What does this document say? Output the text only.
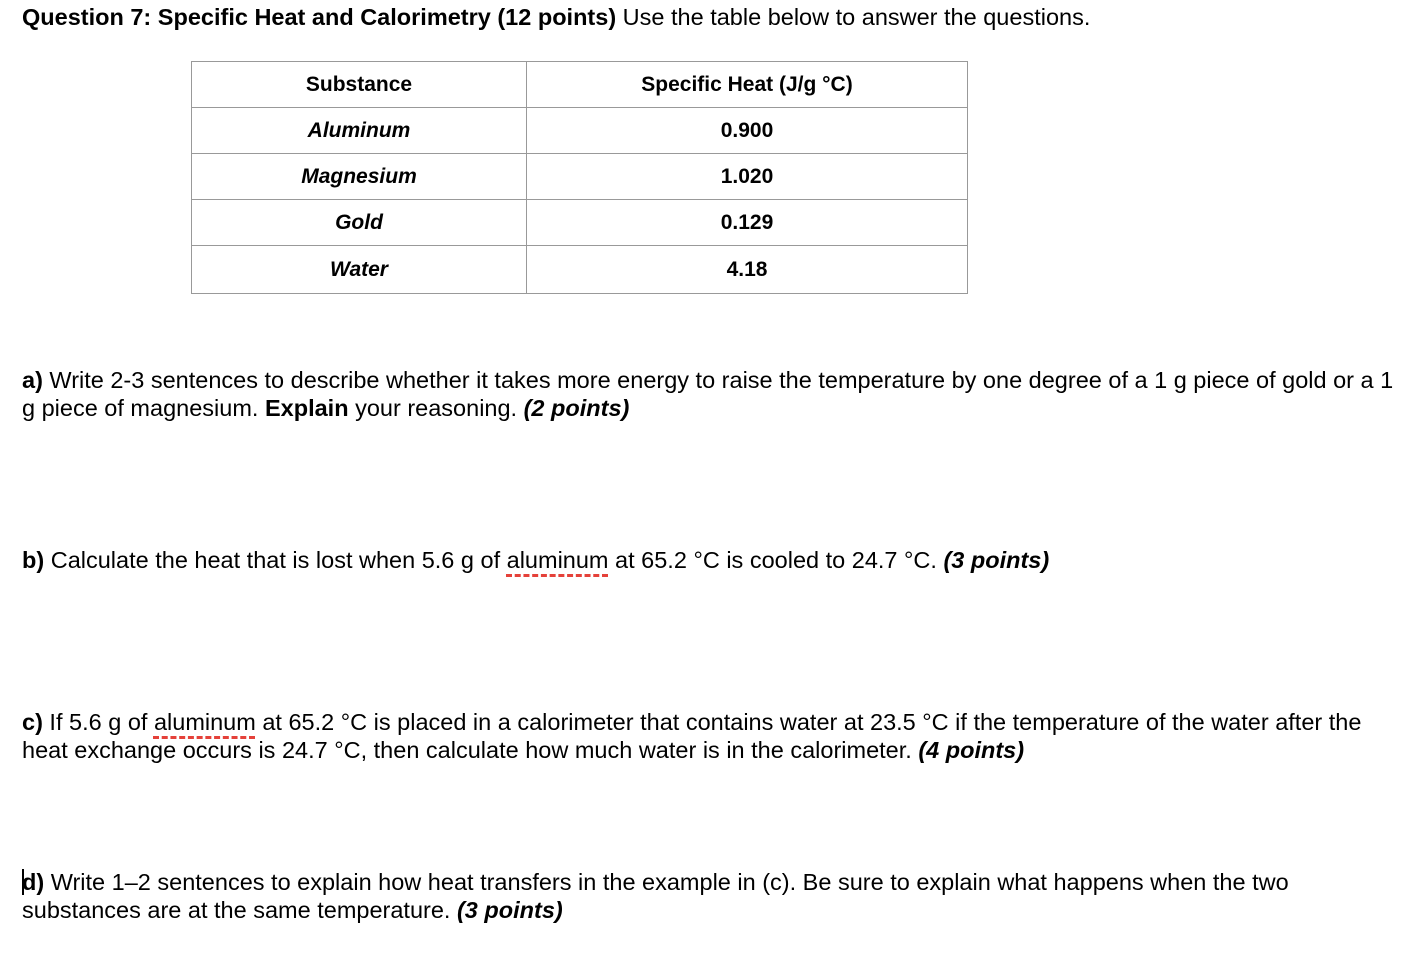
Question 7: Specific Heat and Calorimetry (12 points) Use the table below to answer the questions.
Substance	Specific Heat (J/g °C)
Aluminum	0.900
Magnesium	1.020
Gold	0.129
Water	4.18
a) Write 2-3 sentences to describe whether it takes more energy to raise the temperature by one degree of a 1 g piece of gold or a 1 g piece of magnesium. Explain your reasoning. (2 points)
b) Calculate the heat that is lost when 5.6 g of aluminum at 65.2 °C is cooled to 24.7 °C. (3 points)
c) If 5.6 g of aluminum at 65.2 °C is placed in a calorimeter that contains water at 23.5 °C if the temperature of the water after the heat exchange occurs is 24.7 °C, then calculate how much water is in the calorimeter. (4 points)
d) Write 1–2 sentences to explain how heat transfers in the example in (c). Be sure to explain what happens when the two substances are at the same temperature. (3 points)
